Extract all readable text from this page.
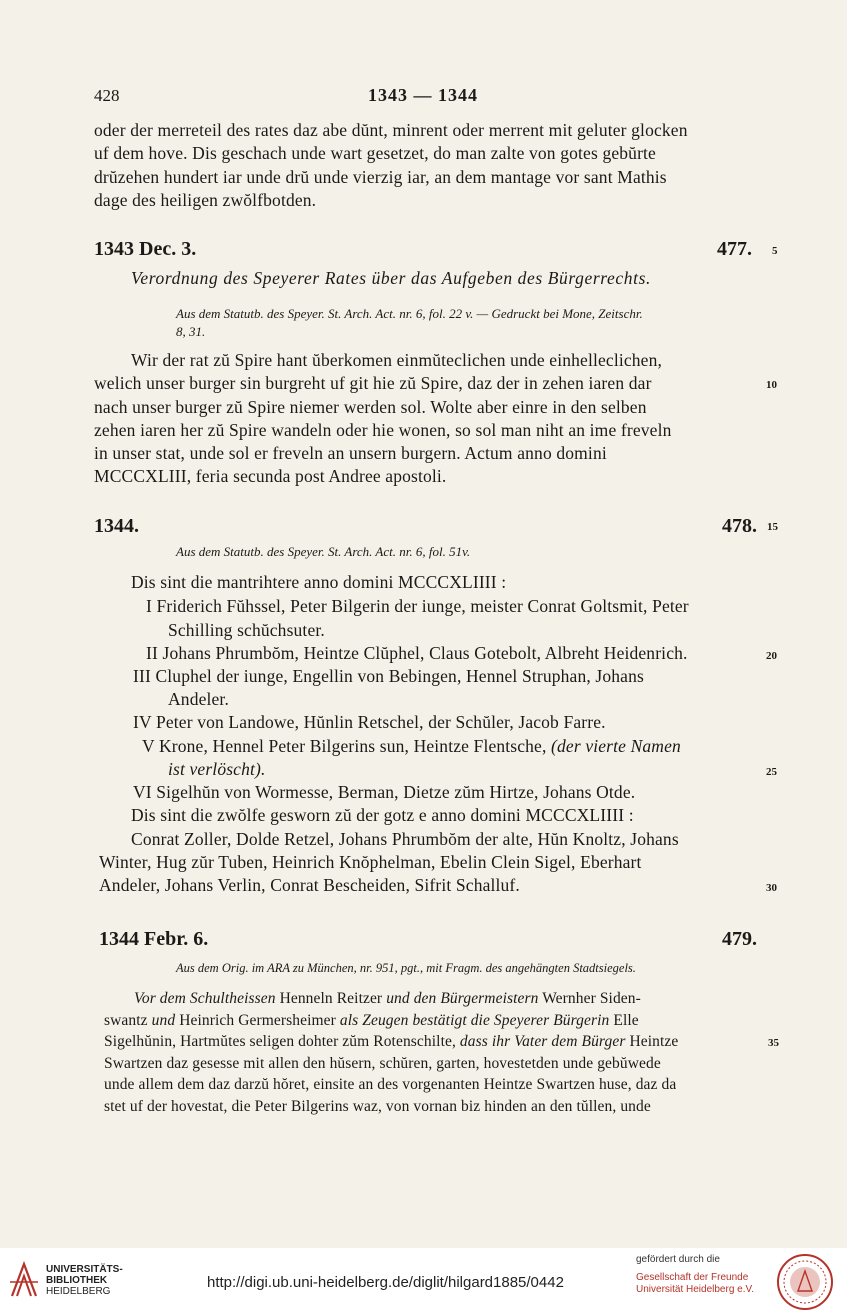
428	1343 — 1344
oder der merreteil des rates daz abe dŭnt, minrent oder merrent mit geluter glocken
uf dem hove. Dis geschach unde wart gesetzet, do man zalte von gotes gebŭrte
drŭzehen hundert iar unde drŭ unde vierzig iar, an dem mantage vor sant Mathis
dage des heiligen zwŏlfbotden.
1343 Dec. 3.	477. 5
Verordnung des Speyerer Rates über das Aufgeben des Bürgerrechts.
Aus dem Statutb. des Speyer. St. Arch. Act. nr. 6, fol. 22 v. — Gedruckt bei Mone, Zeitschr.
8, 31.
Wir der rat zŭ Spire hant ŭberkomen einmŭteclichen unde einhelleclichen,
welich unser burger sin burgreht uf git hie zŭ Spire, daz der in zehen iaren dar	10
nach unser burger zŭ Spire niemer werden sol. Wolte aber einre in den selben
zehen iaren her zŭ Spire wandeln oder hie wonen, so sol man niht an ime freveln
in unser stat, unde sol er freveln an unsern burgern. Actum anno domini
MCCCXLIII, feria secunda post Andree apostoli.
1344.	478. 15
Aus dem Statutb. des Speyer. St. Arch. Act. nr. 6, fol. 51v.
Dis sint die mantrihtere anno domini MCCCXLIIII :
I Friderich Fŭhssel, Peter Bilgerin der iunge, meister Conrat Goltsmit, Peter
Schilling schŭchsuter.
II Johans Phrumbŏm, Heintze Clŭphel, Claus Gotebolt, Albreht Heidenrich.	20
III Cluphel der iunge, Engellin von Bebingen, Hennel Struphan, Johans
Andeler.
IV Peter von Landowe, Hŭnlin Retschel, der Schŭler, Jacob Farre.
V Krone, Hennel Peter Bilgerins sun, Heintze Flentsche, (der vierte Namen
ist verlöscht).	25
VI Sigelhŭn von Wormesse, Berman, Dietze zŭm Hirtze, Johans Otde.
Dis sint die zwŏlfe gesworn zŭ der gotz e anno domini MCCCXLIIII :
Conrat Zoller, Dolde Retzel, Johans Phrumbŏm der alte, Hŭn Knoltz, Johans
Winter, Hug zŭr Tuben, Heinrich Knŏphelman, Ebelin Clein Sigel, Eberhart
Andeler, Johans Verlin, Conrat Bescheiden, Sifrit Schalluf.	30
1344 Febr. 6.	479.
Aus dem Orig. im ARA zu München, nr. 951, pgt., mit Fragm. des angehängten Stadtsiegels.
Vor dem Schultheissen Henneln Reitzer und den Bürgermeistern Wernher Siden-
swantz und Heinrich Germersheimer als Zeugen bestätigt die Speyerer Bürgerin Elle
Sigelhŭnin, Hartmŭtes seligen dohter zŭm Rotenschilte, dass ihr Vater dem Bürger Heintze	35
Swartzen daz gesesse mit allen den hŭsern, schŭren, garten, hovestetden unde gebŭwede
unde allem dem daz darzŭ hŏret, einsite an des vorgenanten Heintze Swartzen huse, daz da
stet uf der hovestat, die Peter Bilgerins waz, von vornan biz hinden an den tŭllen, unde
UNIVERSITÄTS-
BIBLIOTHEK
HEIDELBERG
http://digi.ub.uni-heidelberg.de/diglit/hilgard1885/0442
gefördert durch die
Gesellschaft der Freunde
Universität Heidelberg e.V.
